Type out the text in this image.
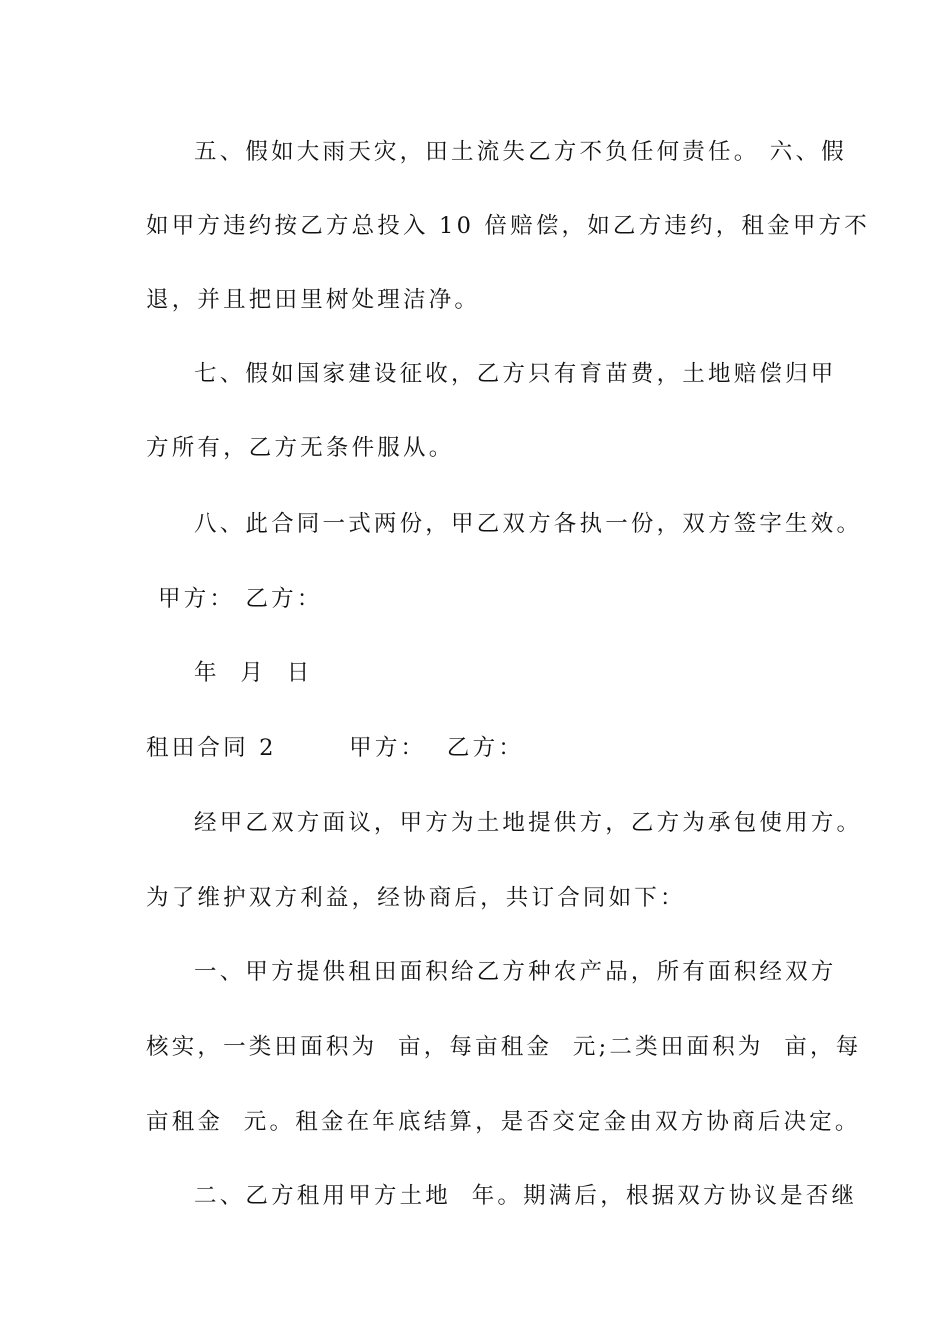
五、假如大雨天灾，田土流失乙方不负任何责任。 六、假
如甲方违约按乙方总投入 10 倍赔偿，如乙方违约，租金甲方不
退，并且把田里树处理洁净。
七、假如国家建设征收，乙方只有育苗费，土地赔偿归甲
方所有，乙方无条件服从。
八、此合同一式两份，甲乙双方各执一份，双方签字生效。
甲方： 乙方：
年  月  日
租田合同 2       甲方：  乙方：
经甲乙双方面议，甲方为土地提供方，乙方为承包使用方。
为了维护双方利益，经协商后，共订合同如下：
一、甲方提供租田面积给乙方种农产品，所有面积经双方
核实，一类田面积为  亩，每亩租金  元;二类田面积为  亩，每
亩租金  元。租金在年底结算，是否交定金由双方协商后决定。
二、乙方租用甲方土地  年。期满后，根据双方协议是否继
